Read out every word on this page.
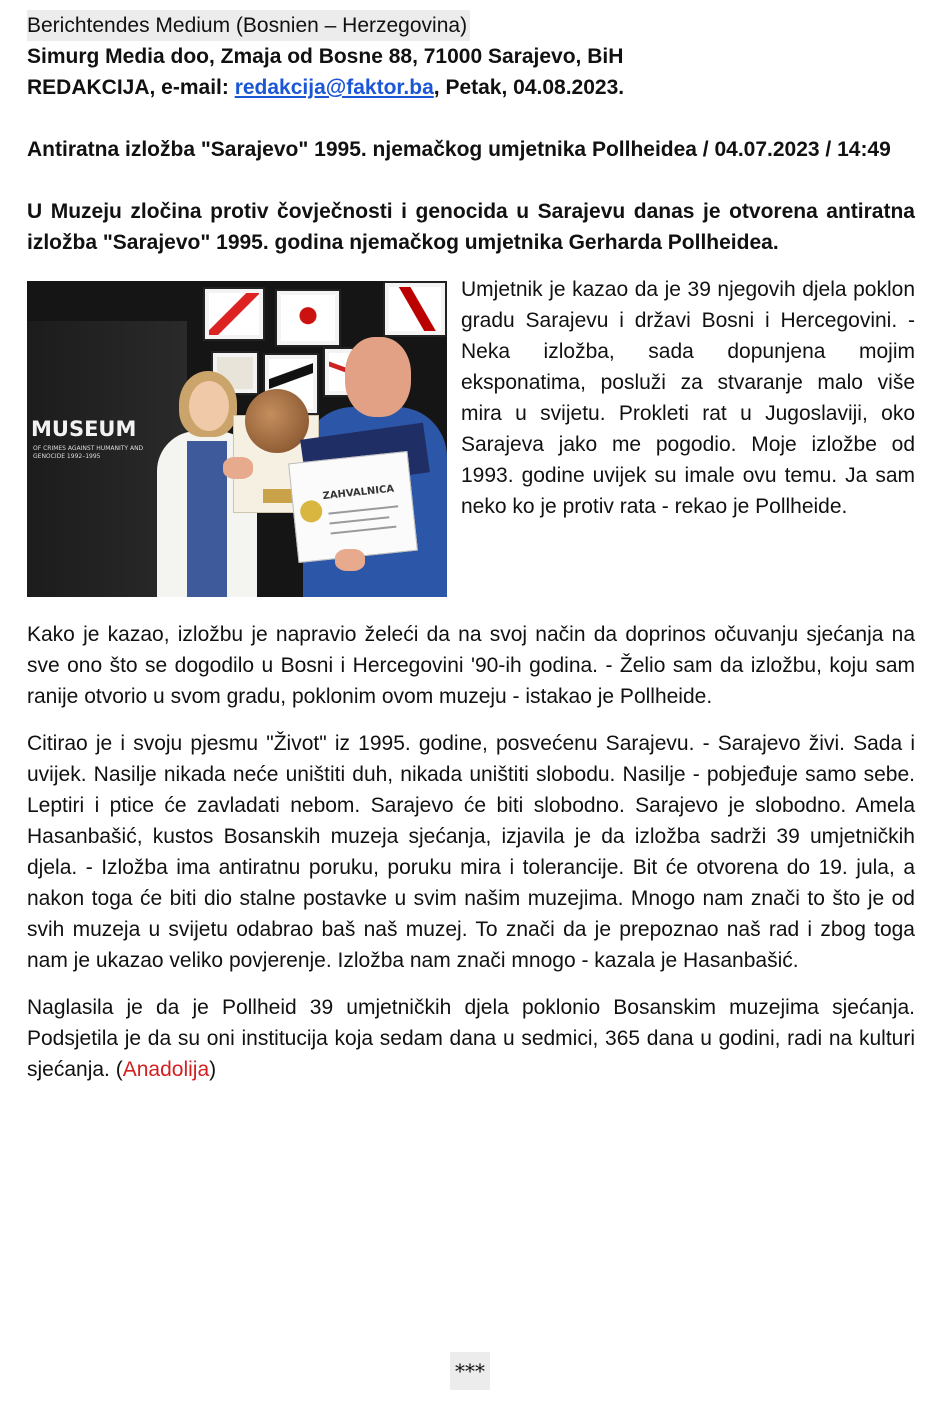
Berichtendes Medium (Bosnien – Herzegovina)
Simurg Media doo, Zmaja od Bosne 88, 71000 Sarajevo, BiH
REDAKCIJA, e-mail: redakcija@faktor.ba, Petak, 04.08.2023.
Antiratna izložba "Sarajevo" 1995. njemačkog umjetnika Pollheidea / 04.07.2023 / 14:49
U Muzeju zločina protiv čovječnosti i genocida u Sarajevu danas je otvorena antiratna izložba "Sarajevo" 1995. godina njemačkog umjetnika Gerharda Pollheidea.
MUSEUM
OF CRIMES AGAINST HUMANITY AND GENOCIDE 1992–1995
ZAHVALNICA
Umjetnik je kazao da je 39 njegovih djela poklon gradu Sarajevu i državi Bosni i Hercegovini. - Neka izložba, sada dopunjena mojim eksponatima, posluži za stvaranje malo više mira u svijetu. Prokleti rat u Jugoslaviji, oko Sarajeva jako me pogodio. Moje izložbe od 1993. godine uvijek su imale ovu temu. Ja sam neko ko je protiv rata - rekao je Pollheide.
Kako je kazao, izložbu je napravio želeći da na svoj način da doprinos očuvanju sjećanja na sve ono što se dogodilo u Bosni i Hercegovini '90-ih godina. - Želio sam da izložbu, koju sam ranije otvorio u svom gradu, poklonim ovom muzeju - istakao je Pollheide.
Citirao je i svoju pjesmu "Život" iz 1995. godine, posvećenu Sarajevu. - Sarajevo živi. Sada i uvijek. Nasilje nikada neće uništiti duh, nikada uništiti slobodu. Nasilje - pobjeđuje samo sebe. Leptiri i ptice će zavladati nebom. Sarajevo će biti slobodno. Sarajevo je slobodno. Amela Hasanbašić, kustos Bosanskih muzeja sjećanja, izjavila je da izložba sadrži 39 umjetničkih djela. - Izložba ima antiratnu poruku, poruku mira i tolerancije. Bit će otvorena do 19. jula, a nakon toga će biti dio stalne postavke u svim našim muzejima. Mnogo nam znači to što je od svih muzeja u svijetu odabrao baš naš muzej. To znači da je prepoznao naš rad i zbog toga nam je ukazao veliko povjerenje. Izložba nam znači mnogo - kazala je Hasanbašić.
Naglasila je da je Pollheid 39 umjetničkih djela poklonio Bosanskim muzejima sjećanja. Podsjetila je da su oni institucija koja sedam dana u sedmici, 365 dana u godini, radi na kulturi sjećanja. (Anadolija)
***
